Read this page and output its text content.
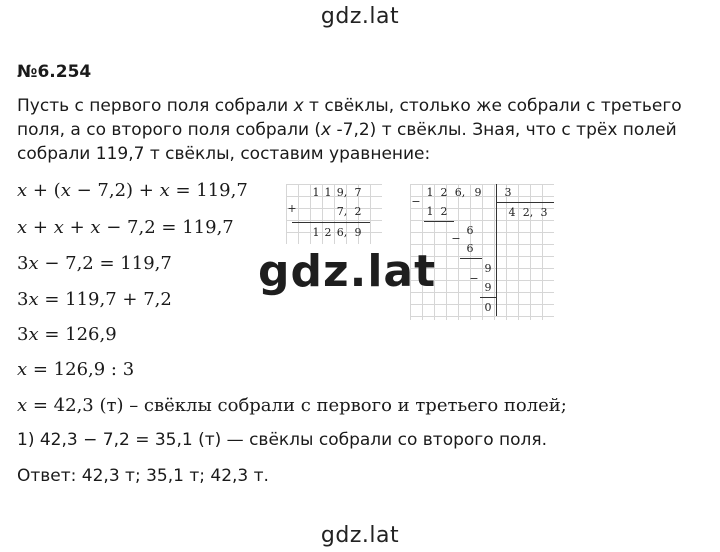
gdz.lat
№6.254
Пусть с первого поля собрали x т свёклы, столько же собрали с третьего
поля, а со второго поля собрали (x -7,2) т свёклы. Зная, что с трёх полей
собрали 119,7 т свёклы, составим уравнение:
x + (x − 7,2) + x = 119,7
x + x + x − 7,2 = 119,7
3x − 7,2 = 119,7
3x = 119,7 + 7,2
3x = 126,9
x = 126,9 : 3
x = 42,3 (т) – свёклы собрали с первого и третьего полей;
1) 42,3 − 7,2 = 35,1 (т) — свёклы собрали со второго поля.
Ответ: 42,3 т; 35,1 т; 42,3 т.
+
1 1 9, 7
7, 2
1 2 6, 9
−
1 2 6, 9 3
4 2, 3
1 2
−
6
6
−
9
9
0
gdz.lat
gdz.lat
